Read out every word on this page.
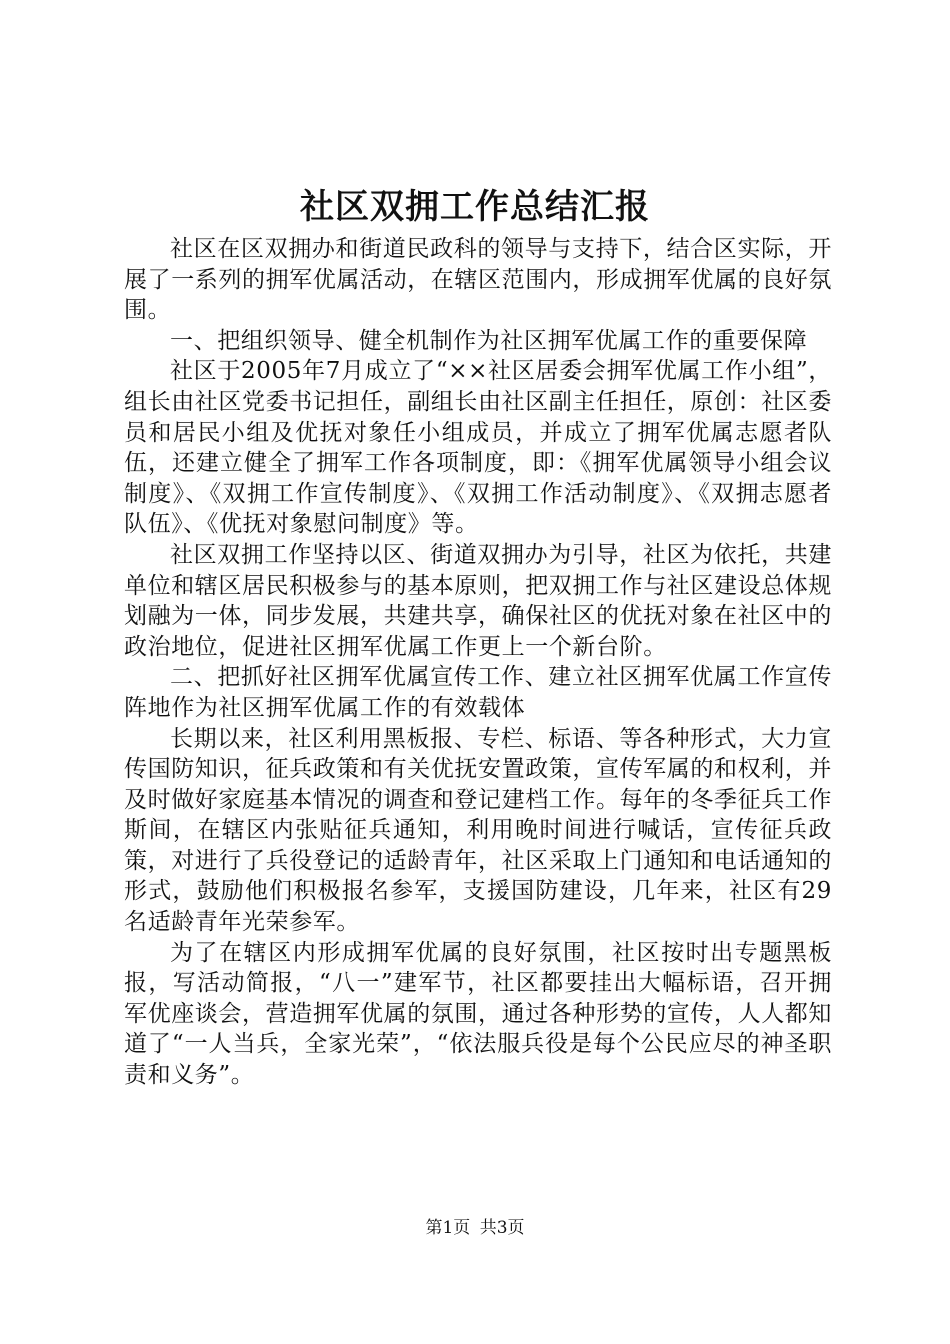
社区双拥工作总结汇报

社区在区双拥办和街道民政科的领导与支持下，结合区实际，开展了一系列的拥军优属活动，在辖区范围内，形成拥军优属的良好氛围。

一、把组织领导、健全机制作为社区拥军优属工作的重要保障

社区于2005年7月成立了“××社区居委会拥军优属工作小组”，组长由社区党委书记担任，副组长由社区副主任担任，原创：社区委员和居民小组及优抚对象任小组成员，并成立了拥军优属志愿者队伍，还建立健全了拥军工作各项制度，即：《拥军优属领导小组会议制度》、《双拥工作宣传制度》、《双拥工作活动制度》、《双拥志愿者队伍》、《优抚对象慰问制度》等。

社区双拥工作坚持以区、街道双拥办为引导，社区为依托，共建单位和辖区居民积极参与的基本原则，把双拥工作与社区建设总体规划融为一体，同步发展，共建共享，确保社区的优抚对象在社区中的政治地位，促进社区拥军优属工作更上一个新台阶。

二、把抓好社区拥军优属宣传工作、建立社区拥军优属工作宣传阵地作为社区拥军优属工作的有效载体

长期以来，社区利用黑板报、专栏、标语、等各种形式，大力宣传国防知识，征兵政策和有关优抚安置政策，宣传军属的和权利，并及时做好家庭基本情况的调查和登记建档工作。每年的冬季征兵工作斯间，在辖区内张贴征兵通知，利用晚时间进行喊话，宣传征兵政策，对进行了兵役登记的适龄青年，社区采取上门通知和电话通知的形式，鼓励他们积极报名参军，支援国防建设，几年来，社区有29名适龄青年光荣参军。

为了在辖区内形成拥军优属的良好氛围，社区按时出专题黑板报，写活动简报，“八一”建军节，社区都要挂出大幅标语，召开拥军优座谈会，营造拥军优属的氛围，通过各种形势的宣传，人人都知道了“一人当兵，全家光荣”，“依法服兵役是每个公民应尽的神圣职责和义务”。

第1页 共3页
